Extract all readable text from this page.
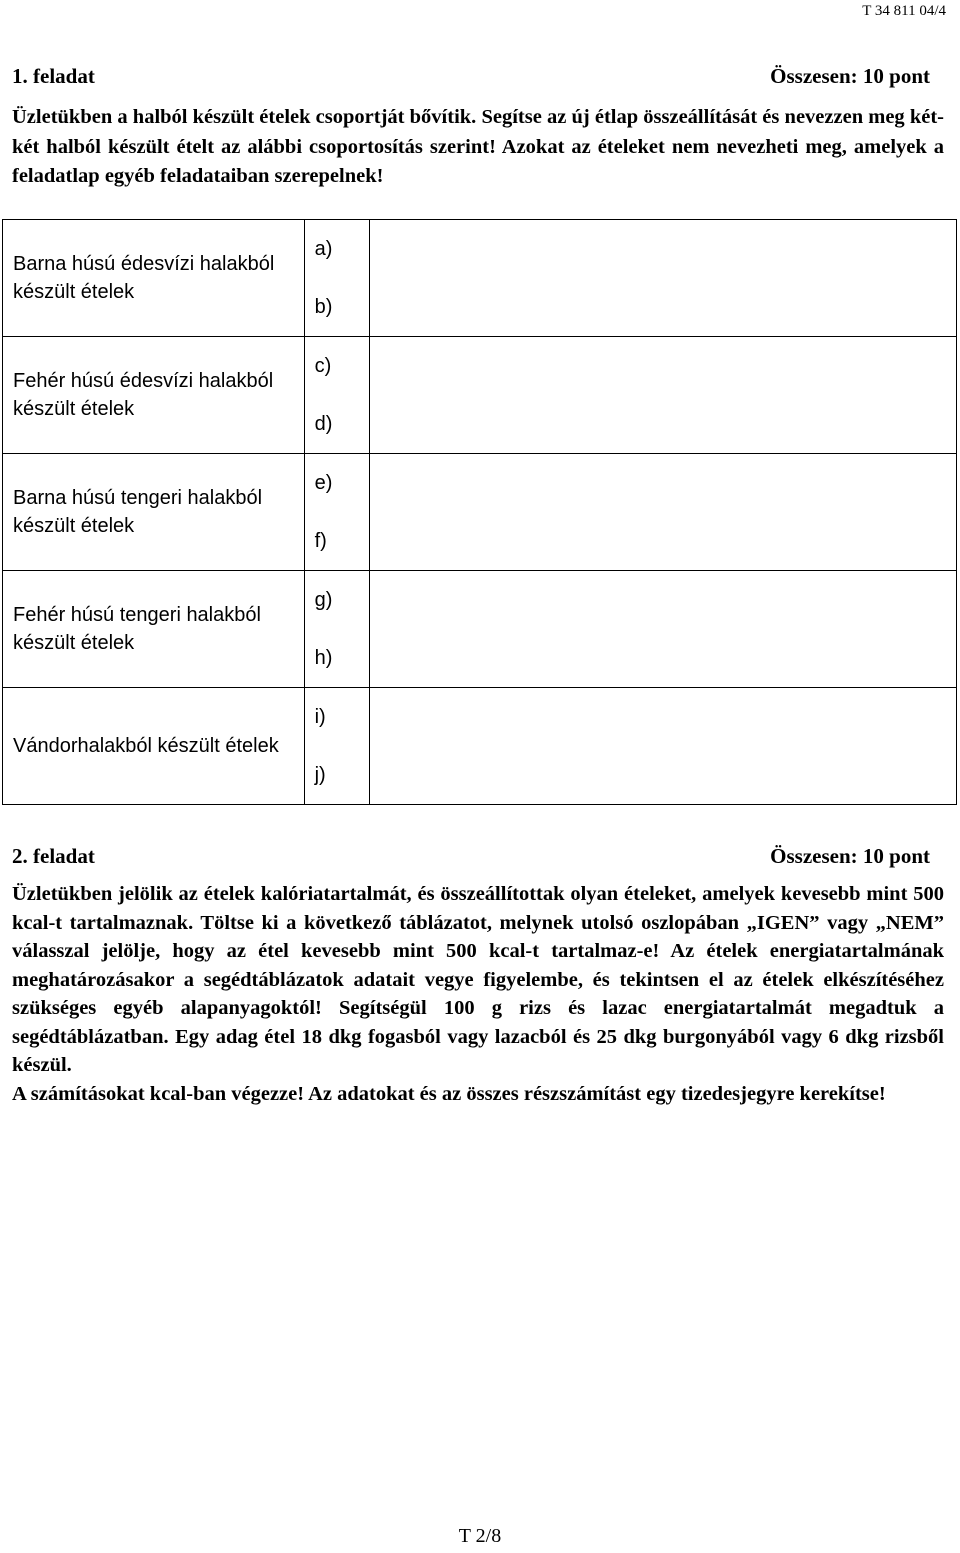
T 34 811 04/4
1. feladat	Összesen: 10 pont

Üzletükben a halból készült ételek csoportját bővítik. Segítse az új étlap összeállítását és nevezzen meg két-két halból készült ételt az alábbi csoportosítás szerint! Azokat az ételeket nem nevezheti meg, amelyek a feladatlap egyéb feladataiban szerepelnek!

Barna húsú édesvízi halakból készült ételek	a)
b)	

Fehér húsú édesvízi halakból készült ételek	c)
d)	

Barna húsú tengeri halakból készült ételek	e)
f)	

Fehér húsú tengeri halakból készült ételek	g)
h)	

Vándorhalakból készült ételek	i)
j)	

2. feladat	Összesen: 10 pont

Üzletükben jelölik az ételek kalóriatartalmát, és összeállítottak olyan ételeket, amelyek kevesebb mint 500 kcal-t tartalmaznak. Töltse ki a következő táblázatot, melynek utolsó oszlopában „IGEN” vagy „NEM” válasszal jelölje, hogy az étel kevesebb mint 500 kcal-t tartalmaz-e! Az ételek energiatartalmának meghatározásakor a segédtáblázatok adatait vegye figyelembe, és tekintsen el az ételek elkészítéséhez szükséges egyéb alapanyagoktól! Segítségül 100 g rizs és lazac energiatartalmát megadtuk a segédtáblázatban. Egy adag étel 18 dkg fogasból vagy lazacból és 25 dkg burgonyából vagy 6 dkg rizsből készül.

A számításokat kcal-ban végezze! Az adatokat és az összes részszámítást egy tizedesjegyre kerekítse!

T 2/8
